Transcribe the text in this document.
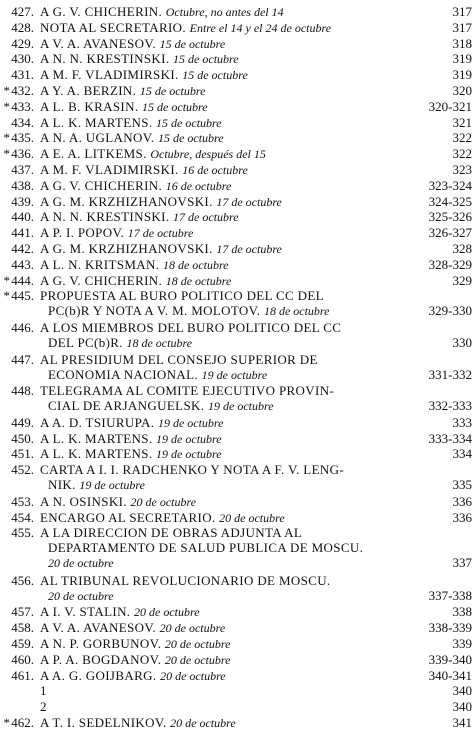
427. A G. V. CHICHERIN. Octubre, no antes del 14	317
428. NOTA AL SECRETARIO. Entre el 14 y el 24 de octubre	317
429. A V. A. AVANESOV. 15 de octubre	318
430. A N. N. KRESTINSKI. 15 de octubre	319
431. A M. F. VLADIMIRSKI. 15 de octubre	319
* 432. A Y. A. BERZIN. 15 de octubre	320
* 433. A L. B. KRASIN. 15 de octubre	320-321
434. A L. K. MARTENS. 15 de octubre	321
* 435. A N. A. UGLANOV. 15 de octubre	322
* 436. A E. A. LITKEMS. Octubre, después del 15	322
437. A M. F. VLADIMIRSKI. 16 de octubre	323
438. A G. V. CHICHERIN. 16 de octubre	323-324
439. A G. M. KRZHIZHANOVSKI. 17 de octubre	324-325
440. A N. N. KRESTINSKI. 17 de octubre	325-326
441. A P. I. POPOV. 17 de octubre	326-327
442. A G. M. KRZHIZHANOVSKI. 17 de octubre	328
443. A L. N. KRITSMAN. 18 de octubre	328-329
* 444. A G. V. CHICHERIN. 18 de octubre	329
* 445. PROPUESTA AL BURO POLITICO DEL CC DEL
PC(b)R Y NOTA A V. M. MOLOTOV. 18 de octubre	329-330
446. A LOS MIEMBROS DEL BURO POLITICO DEL CC
DEL PC(b)R. 18 de octubre	330
447. AL PRESIDIUM DEL CONSEJO SUPERIOR DE
ECONOMIA NACIONAL. 19 de octubre	331-332
448. TELEGRAMA AL COMITE EJECUTIVO PROVIN-
CIAL DE ARJANGUELSK. 19 de octubre	332-333
449. A A. D. TSIURUPA. 19 de octubre	333
450. A L. K. MARTENS. 19 de octubre	333-334
451. A L. K. MARTENS. 19 de octubre	334
452. CARTA A I. I. RADCHENKO Y NOTA A F. V. LENG-
NIK. 19 de octubre	335
453. A N. OSINSKI. 20 de octubre	336
454. ENCARGO AL SECRETARIO. 20 de octubre	336
455. A LA DIRECCION DE OBRAS ADJUNTA AL
DEPARTAMENTO DE SALUD PUBLICA DE MOSCU.
20 de octubre	337
456. AL TRIBUNAL REVOLUCIONARIO DE MOSCU.
20 de octubre	337-338
457. A I. V. STALIN. 20 de octubre	338
458. A V. A. AVANESOV. 20 de octubre	338-339
459. A N. P. GORBUNOV. 20 de octubre	339
460. A P. A. BOGDANOV. 20 de octubre	339-340
461. A A. G. GOIJBARG. 20 de octubre	340-341
1	340
2	340
* 462. A T. I. SEDELNIKOV. 20 de octubre	341
